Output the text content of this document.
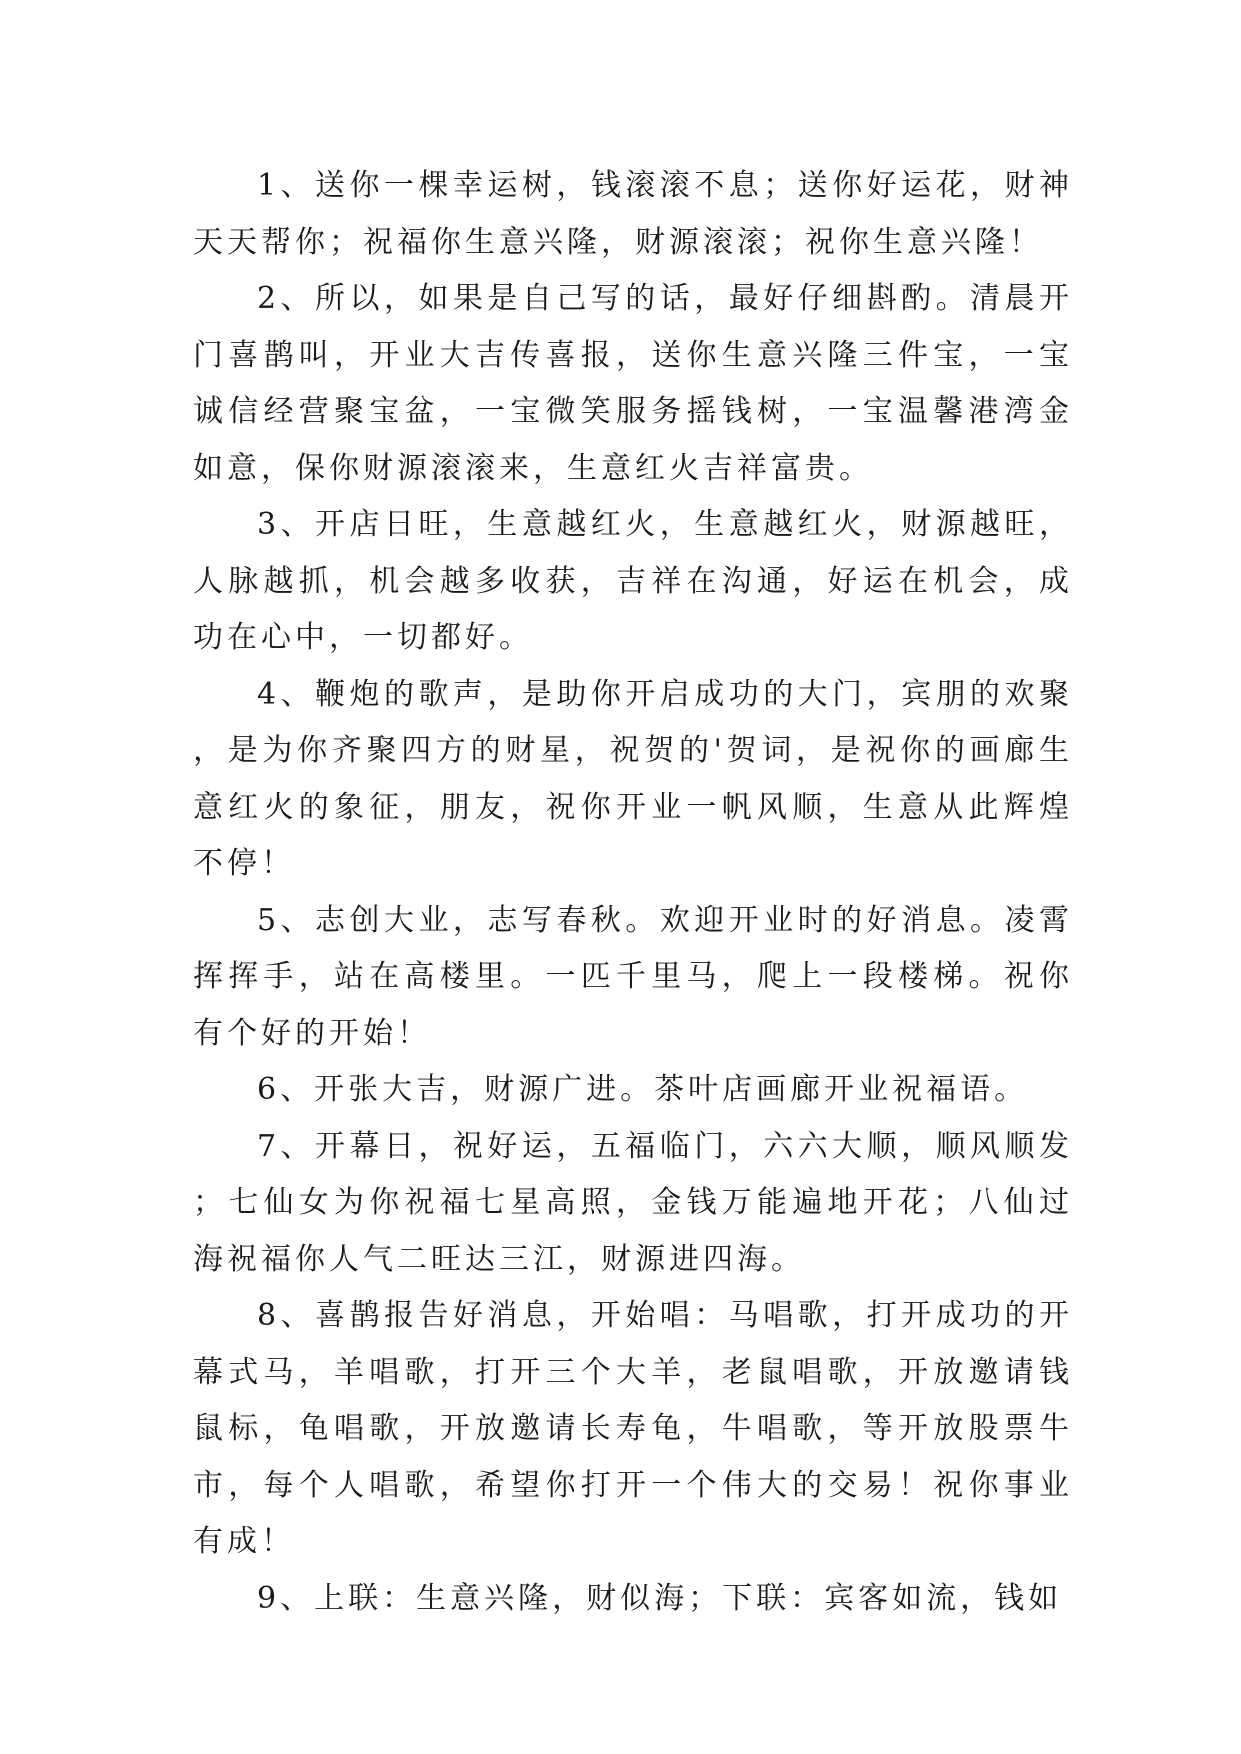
1、送你一棵幸运树，钱滚滚不息；送你好运花，财神天天帮你；祝福你生意兴隆，财源滚滚；祝你生意兴隆！

2、所以，如果是自己写的话，最好仔细斟酌。清晨开门喜鹊叫，开业大吉传喜报，送你生意兴隆三件宝，一宝诚信经营聚宝盆，一宝微笑服务摇钱树，一宝温馨港湾金如意，保你财源滚滚来，生意红火吉祥富贵。

3、开店日旺，生意越红火，生意越红火，财源越旺，人脉越抓，机会越多收获，吉祥在沟通，好运在机会，成功在心中，一切都好。

4、鞭炮的歌声，是助你开启成功的大门，宾朋的欢聚，是为你齐聚四方的财星，祝贺的'贺词，是祝你的画廊生意红火的象征，朋友，祝你开业一帆风顺，生意从此辉煌不停！

5、志创大业，志写春秋。欢迎开业时的好消息。凌霄挥挥手，站在高楼里。一匹千里马，爬上一段楼梯。祝你有个好的开始！

6、开张大吉，财源广进。茶叶店画廊开业祝福语。

7、开幕日，祝好运，五福临门，六六大顺，顺风顺发；七仙女为你祝福七星高照，金钱万能遍地开花；八仙过海祝福你人气二旺达三江，财源进四海。

8、喜鹊报告好消息，开始唱：马唱歌，打开成功的开幕式马，羊唱歌，打开三个大羊，老鼠唱歌，开放邀请钱鼠标，龟唱歌，开放邀请长寿龟，牛唱歌，等开放股票牛市，每个人唱歌，希望你打开一个伟大的交易！祝你事业有成！

9、上联：生意兴隆，财似海；下联：宾客如流，钱如
